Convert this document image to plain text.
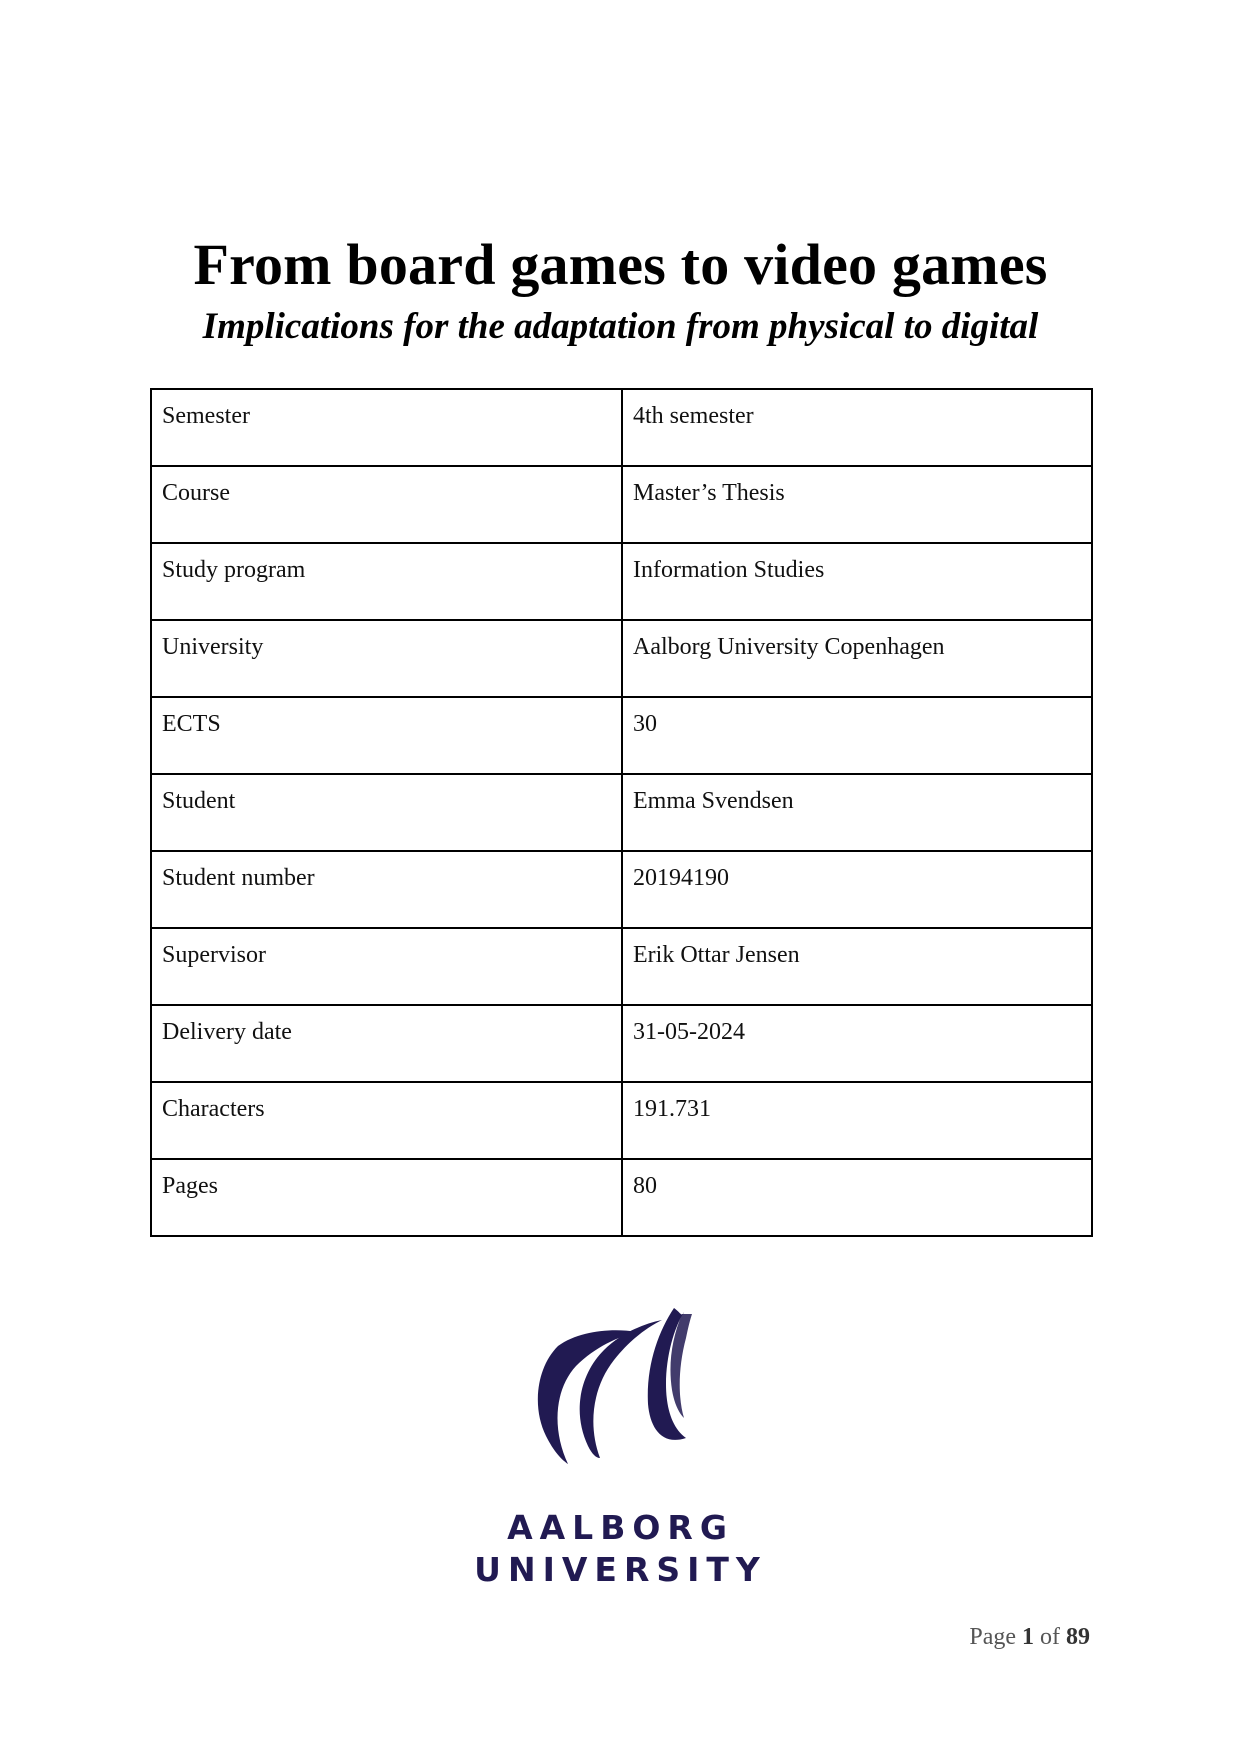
From board games to video games
Implications for the adaptation from physical to digital
Semester	4th semester
Course	Master’s Thesis
Study program	Information Studies
University	Aalborg University Copenhagen
ECTS	30
Student	Emma Svendsen
Student number	20194190
Supervisor	Erik Ottar Jensen
Delivery date	31-05-2024
Characters	191.731
Pages	80
AALBORG
UNIVERSITY
Page 1 of 89
